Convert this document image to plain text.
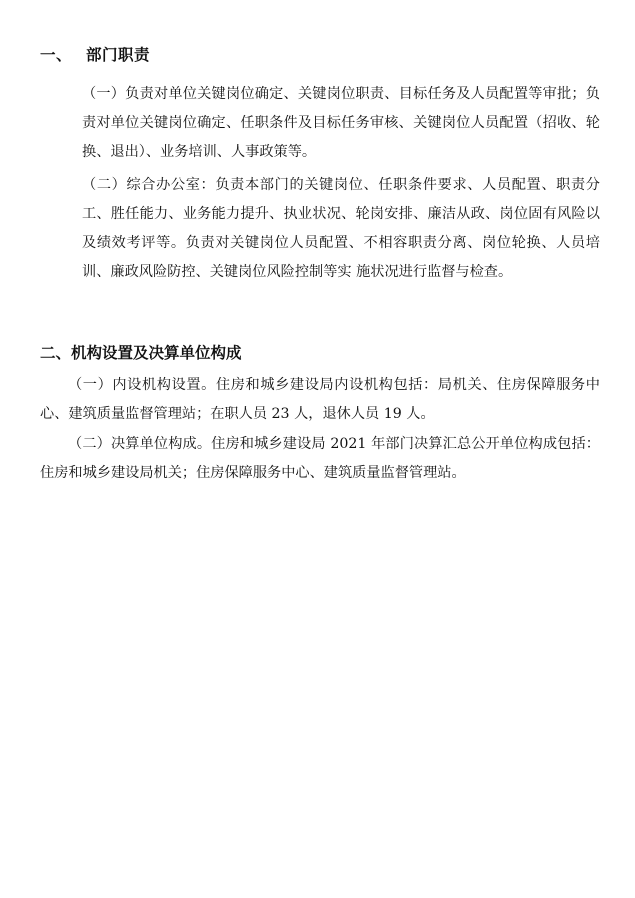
一、 部门职责
（一）负责对单位关键岗位确定、关键岗位职责、目标任务及人员配置等审批；负责对单位关键岗位确定、任职条件及目标任务审核、关键岗位人员配置（招收、轮换、退出）、业务培训、人事政策等。
（二）综合办公室：负责本部门的关键岗位、任职条件要求、人员配置、职责分工、胜任能力、业务能力提升、执业状况、轮岗安排、廉洁从政、岗位固有风险以及绩效考评等。负责对关键岗位人员配置、不相容职责分离、岗位轮换、人员培训、廉政风险防控、关键岗位风险控制等实 施状况进行监督与检查。
二、机构设置及决算单位构成
（一）内设机构设置。住房和城乡建设局内设机构包括：局机关、住房保障服务中心、建筑质量监督管理站；在职人员 23 人，退休人员 19 人。
（二）决算单位构成。住房和城乡建设局 2021 年部门决算汇总公开单位构成包括：住房和城乡建设局机关；住房保障服务中心、建筑质量监督管理站。
